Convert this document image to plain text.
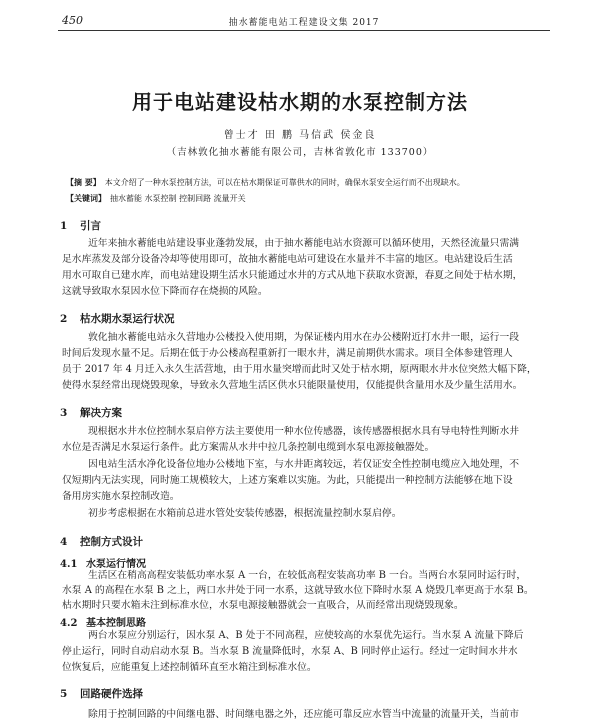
450	抽水蓄能电站工程建设文集 2017
用于电站建设枯水期的水泵控制方法
曾士才 田 鹏 马信武 侯金良
（吉林敦化抽水蓄能有限公司，吉林省敦化市 133700）
【摘 要】 本文介绍了一种水泵控制方法，可以在枯水期保证可靠供水的同时，确保水泵安全运行而不出现缺水。
【关键词】 抽水蓄能 水泵控制 控制回路 流量开关
1 引言
近年来抽水蓄能电站建设事业蓬勃发展，由于抽水蓄能电站水资源可以循环使用，天然径流量只需满
足水库蒸发及部分设备冷却等使用即可，故抽水蓄能电站可建设在水量并不丰富的地区。电站建设后生活
用水可取自已建水库，而电站建设期生活水只能通过水井的方式从地下获取水资源，春夏之间处于枯水期，
这就导致取水泵因水位下降而存在烧损的风险。
2 枯水期水泵运行状况
敦化抽水蓄能电站永久营地办公楼投入使用期，为保证楼内用水在办公楼附近打水井一眼，运行一段
时间后发现水量不足。后期在低于办公楼高程重新打一眼水井，满足前期供水需求。项目全体参建管理人
员于 2017 年 4 月迁入永久生活营地，由于用水量突增而此时又处于枯水期，原两眼水井水位突然大幅下降，
使得水泵经常出现烧毁现象，导致永久营地生活区供水只能限量使用，仅能提供含量用水及少量生活用水。
3 解决方案
现根据水井水位控制水泵启停方法主要使用一种水位传感器，该传感器根据水具有导电特性判断水井
水位是否满足水泵运行条件。此方案需从水井中拉几条控制电缆到水泵电源接触器处。
因电站生活水净化设备位地办公楼地下室，与水井距离较远，若仅证安全性控制电缆应入地处理，不
仅短期内无法实现，同时施工规模较大，上述方案难以实施。为此，只能提出一种控制方法能够在地下设
备用房实施水泵控制改造。
初步考虑根据在水箱前总进水管处安装传感器，根据流量控制水泵启停。
4 控制方式设计
4.1 水泵运行情况
生活区在稍高高程安装低功率水泵 A 一台，在较低高程安装高功率 B 一台。当两台水泵同时运行时，
水泵 A 的高程在水泵 B 之上，两口水井处于同一水系，这就导致水位下降时水泵 A 烧毁几率更高于水泵 B。
枯水期时只要水箱未注到标准水位，水泵电源接触器就会一直吸合，从而经常出现烧毁现象。
4.2 基本控制思路
两台水泵应分别运行，因水泵 A、B 处于不同高程，应使较高的水泵优先运行。当水泵 A 流量下降后
停止运行，同时自动启动水泵 B。当水泵 B 流量降低时，水泵 A、B 同时停止运行。经过一定时间水井水
位恢复后，应能重复上述控制循环直至水箱注到标准水位。
5 回路硬件选择
除用于控制回路的中间继电器、时间继电器之外，还应能可靠反应水管当中流量的流量开关，当前市
